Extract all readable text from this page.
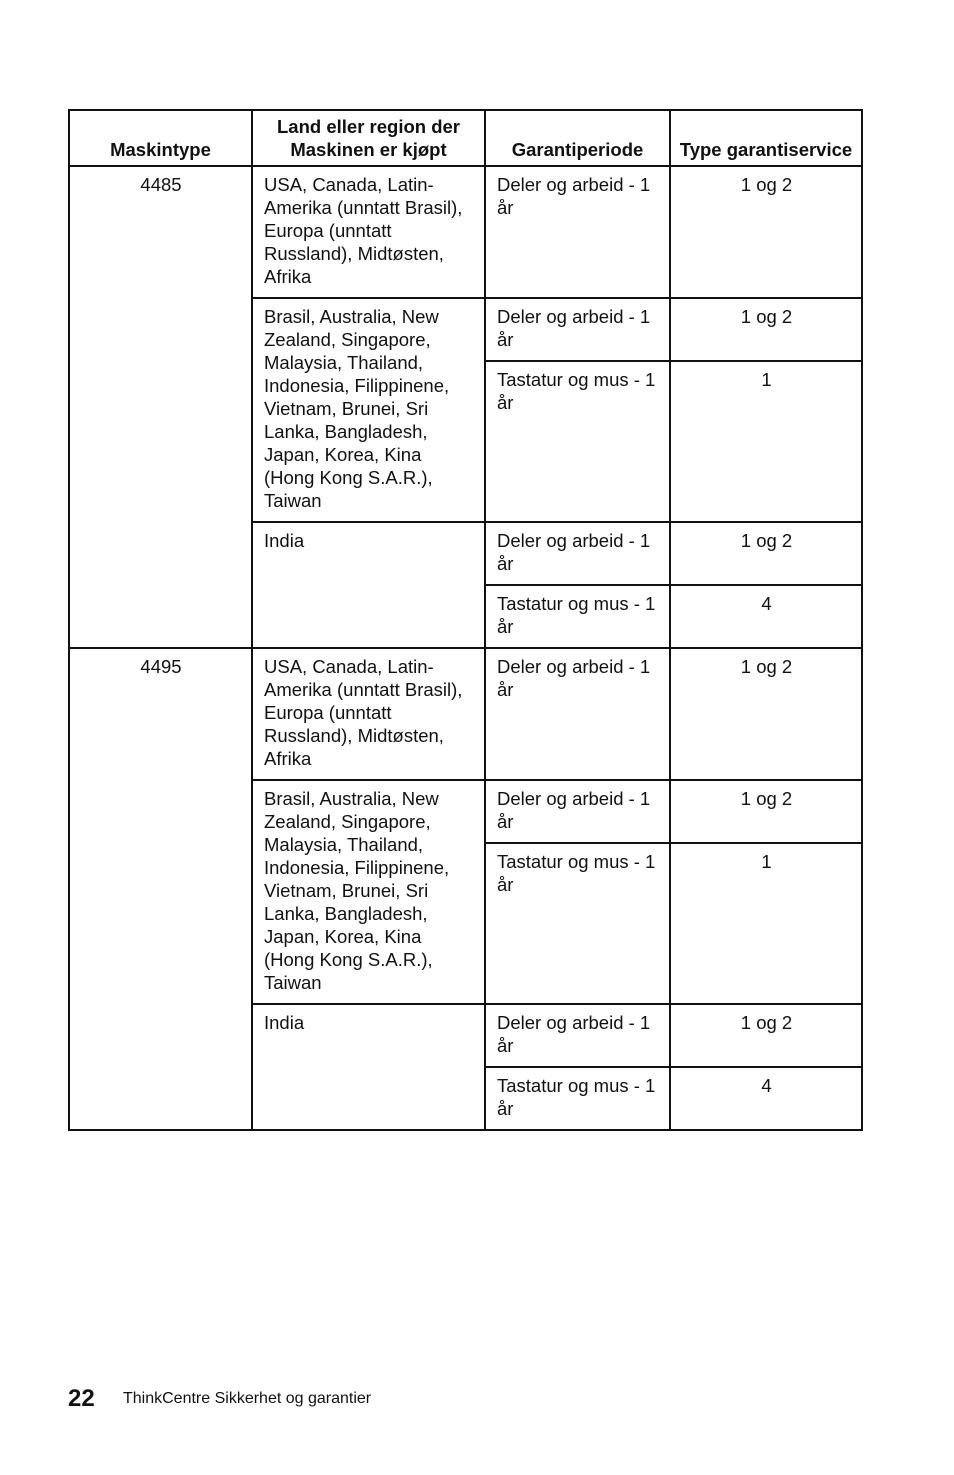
Maskintype	Land eller region der Maskinen er kjøpt	Garantiperiode	Type garantiservice
4485	USA, Canada, Latin-Amerika (unntatt Brasil), Europa (unntatt Russland), Midtøsten, Afrika	Deler og arbeid - 1 år	1 og 2
	Brasil, Australia, New Zealand, Singapore, Malaysia, Thailand, Indonesia, Filippinene, Vietnam, Brunei, Sri Lanka, Bangladesh, Japan, Korea, Kina (Hong Kong S.A.R.), Taiwan	Deler og arbeid - 1 år	1 og 2
		Tastatur og mus - 1 år	1
	India	Deler og arbeid - 1 år	1 og 2
		Tastatur og mus - 1 år	4
4495	USA, Canada, Latin-Amerika (unntatt Brasil), Europa (unntatt Russland), Midtøsten, Afrika	Deler og arbeid - 1 år	1 og 2
	Brasil, Australia, New Zealand, Singapore, Malaysia, Thailand, Indonesia, Filippinene, Vietnam, Brunei, Sri Lanka, Bangladesh, Japan, Korea, Kina (Hong Kong S.A.R.), Taiwan	Deler og arbeid - 1 år	1 og 2
		Tastatur og mus - 1 år	1
	India	Deler og arbeid - 1 år	1 og 2
		Tastatur og mus - 1 år	4
22 ThinkCentre Sikkerhet og garantier
